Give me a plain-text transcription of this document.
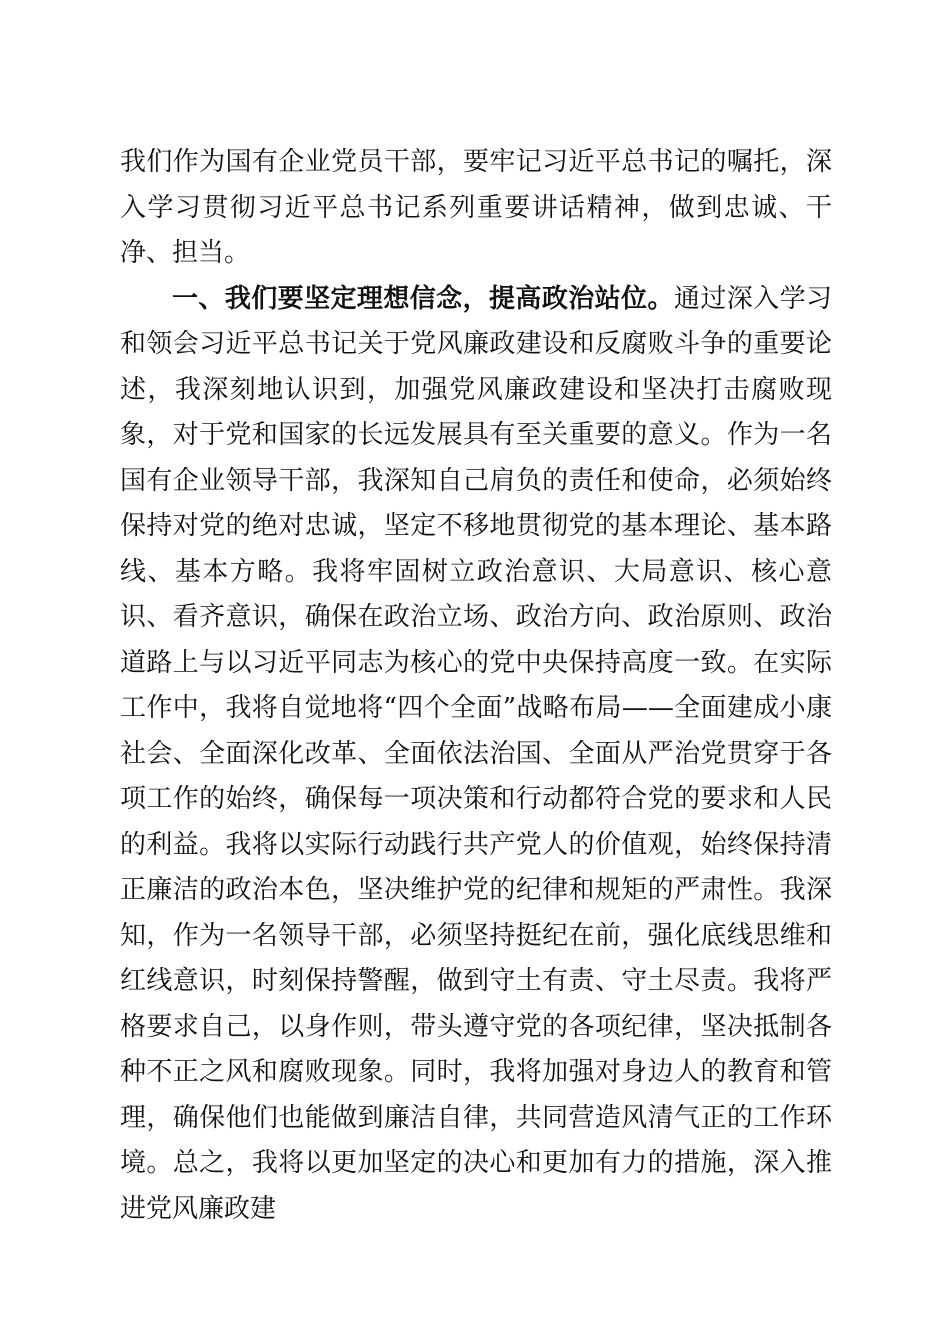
我们作为国有企业党员干部，要牢记习近平总书记的嘱托，深入学习贯彻习近平总书记系列重要讲话精神，做到忠诚、干净、担当。

一、我们要坚定理想信念，提高政治站位。通过深入学习和领会习近平总书记关于党风廉政建设和反腐败斗争的重要论述，我深刻地认识到，加强党风廉政建设和坚决打击腐败现象，对于党和国家的长远发展具有至关重要的意义。作为一名国有企业领导干部，我深知自己肩负的责任和使命，必须始终保持对党的绝对忠诚，坚定不移地贯彻党的基本理论、基本路线、基本方略。我将牢固树立政治意识、大局意识、核心意识、看齐意识，确保在政治立场、政治方向、政治原则、政治道路上与以习近平同志为核心的党中央保持高度一致。在实际工作中，我将自觉地将“四个全面”战略布局——全面建成小康社会、全面深化改革、全面依法治国、全面从严治党贯穿于各项工作的始终，确保每一项决策和行动都符合党的要求和人民的利益。我将以实际行动践行共产党人的价值观，始终保持清正廉洁的政治本色，坚决维护党的纪律和规矩的严肃性。我深知，作为一名领导干部，必须坚持挺纪在前，强化底线思维和红线意识，时刻保持警醒，做到守土有责、守土尽责。我将严格要求自己，以身作则，带头遵守党的各项纪律，坚决抵制各种不正之风和腐败现象。同时，我将加强对身边人的教育和管理，确保他们也能做到廉洁自律，共同营造风清气正的工作环境。总之，我将以更加坚定的决心和更加有力的措施，深入推进党风廉政建
